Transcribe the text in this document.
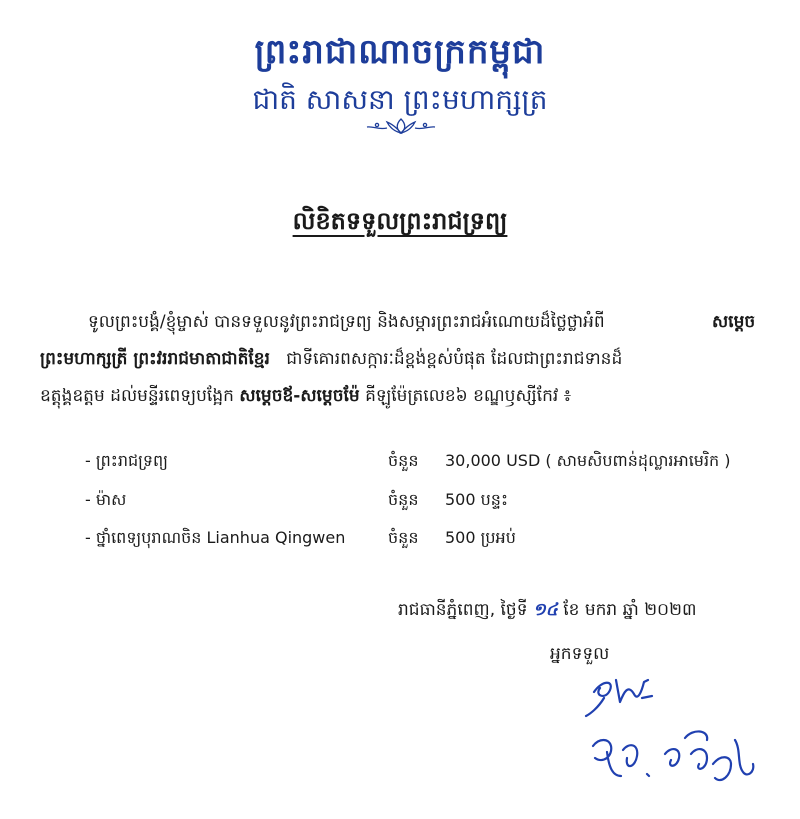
ព្រះរាជាណាចក្រកម្ពុជា
ជាតិ សាសនា ព្រះមហាក្សត្រ
លិខិតទទួលព្រះរាជទ្រព្យ
ទូលព្រះបង្គំ/ខ្ញុំម្ចាស់ បានទទួលនូវព្រះរាជទ្រព្យ និងសម្ភារព្រះរាជអំណោយដ៏ថ្លៃថ្លាអំពី	សម្តេច
ព្រះមហាក្សត្រី ព្រះវររាជមាតាជាតិខ្មែរ ជាទីគោរពសក្ការៈដ៏ខ្ពង់ខ្ពស់បំផុត ដែលជាព្រះរាជទានដ៏
ឧត្តុង្គឧត្តម ដល់មន្ទីរពេទ្យបង្អែក សម្តេចឪ-សម្តេចម៉ែ គីឡូម៉ែត្រលេខ៦ ខណ្ឌឫស្សីកែវ ៖
- ព្រះរាជទ្រព្យ	ចំនួន 30,000 USD ( សាមសិបពាន់ដុល្លារអាមេរិក )
- ម៉ាស	ចំនួន 500 បន្ទះ
- ថ្នាំពេទ្យបុរាណចិន Lianhua Qingwen	ចំនួន 500 ប្រអប់
រាជធានីភ្នំពេញ, ថ្ងៃទី ១៤ ខែ មករា ឆ្នាំ ២០២៣
អ្នកទទួល
